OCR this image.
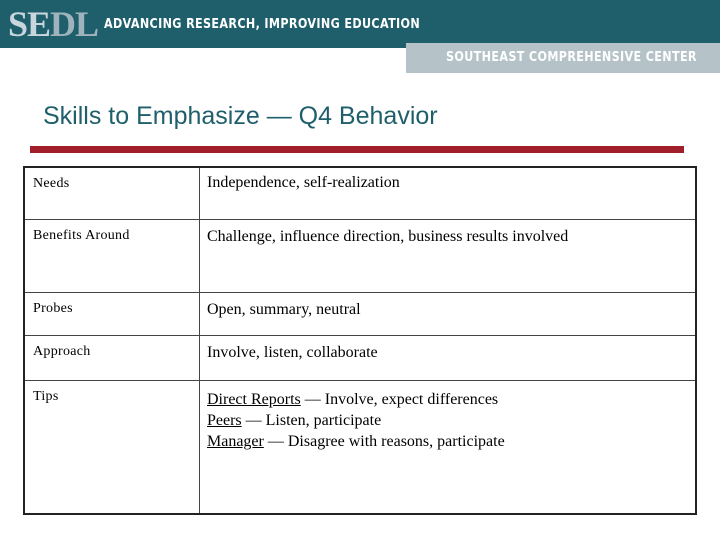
SE DL ADVANCING RESEARCH, IMPROVING EDUCATION
SOUTHEAST COMPREHENSIVE CENTER
Skills to Emphasize — Q4 Behavior
Needs	Independence, self-realization
Benefits Around	Challenge, influence direction, business results involved
Probes	Open, summary, neutral
Approach	Involve, listen, collaborate
Tips	Direct Reports — Involve, expect differences
Peers — Listen, participate
Manager — Disagree with reasons, participate
